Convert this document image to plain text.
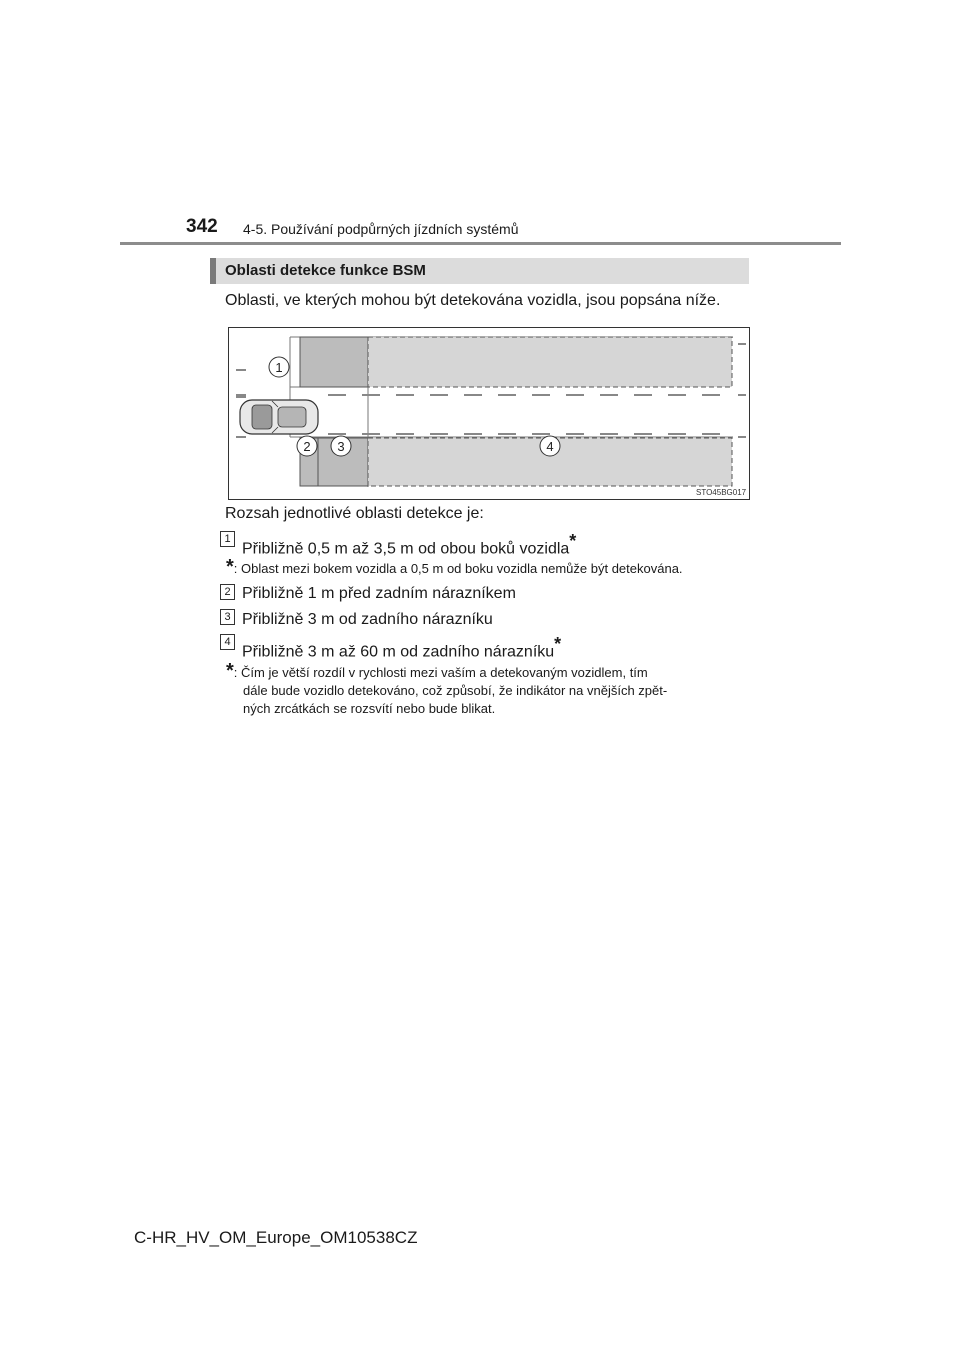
342 4-5. Používání podpůrných jízdních systémů
Oblasti detekce funkce BSM
Oblasti, ve kterých mohou být detekována vozidla, jsou popsána níže.
1
2 3	4
STO45BG017
Rozsah jednotlivé oblasti detekce je:
1
Přibližně 0,5 m až 3,5 m od obou boků vozidla*
*: Oblast mezi bokem vozidla a 0,5 m od boku vozidla nemůže být detekována.
2 Přibližně 1 m před zadním nárazníkem
3 Přibližně 3 m od zadního nárazníku
4
Přibližně 3 m až 60 m od zadního nárazníku*
*: Čím je větší rozdíl v rychlosti mezi vaším a detekovaným vozidlem, tím
dále bude vozidlo detekováno, což způsobí, že indikátor na vnějších zpět-
ných zrcátkách se rozsvítí nebo bude blikat.
C-HR_HV_OM_Europe_OM10538CZ
